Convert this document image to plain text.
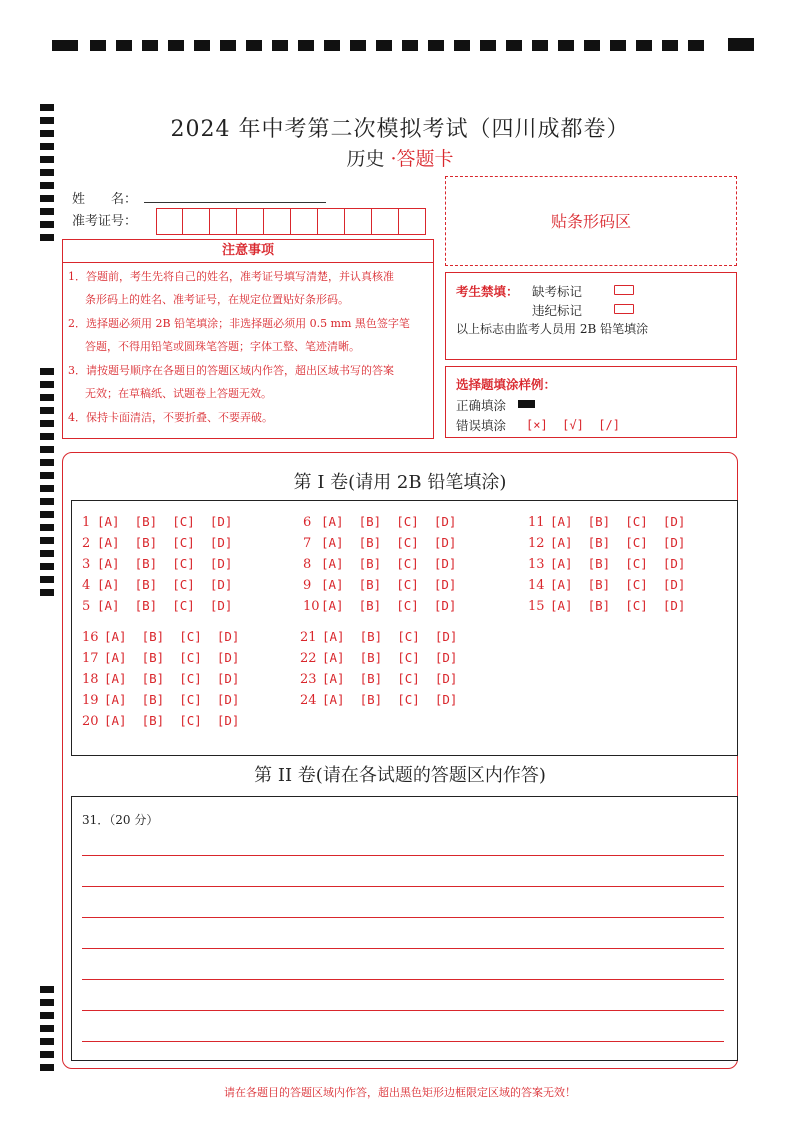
2024 年中考第二次模拟考试（四川成都卷）
历史 ·答题卡
姓　　名：
准考证号：	贴条形码区
注意事项
1．答题前，考生先将自己的姓名，准考证号填写清楚，并认真核准
条形码上的姓名、准考证号，在规定位置贴好条形码。
2．选择题必须用 2B 铅笔填涂；非选择题必须用 0.5 mm 黑色签字笔
答题，不得用铅笔或圆珠笔答题；字体工整、笔迹清晰。
3．请按题号顺序在各题目的答题区域内作答，超出区域书写的答案
无效；在草稿纸、试题卷上答题无效。
4．保持卡面清洁，不要折叠、不要弄破。
考生禁填： 缺考标记
违纪标记
以上标志由监考人员用 2B 铅笔填涂
选择题填涂样例：
正确填涂
错误填涂 [×]  [√]  [/]
第 I 卷(请用 2B 铅笔填涂)
1 [A]  [B]  [C]  [D]
2 [A]  [B]  [C]  [D]
3 [A]  [B]  [C]  [D]
4 [A]  [B]  [C]  [D]
5 [A]  [B]  [C]  [D]
6 [A]  [B]  [C]  [D]
7 [A]  [B]  [C]  [D]
8 [A]  [B]  [C]  [D]
9 [A]  [B]  [C]  [D]
10[A]  [B]  [C]  [D]
11 [A]  [B]  [C]  [D]
12 [A]  [B]  [C]  [D]
13 [A]  [B]  [C]  [D]
14 [A]  [B]  [C]  [D]
15 [A]  [B]  [C]  [D]
16 [A]  [B]  [C]  [D]
17 [A]  [B]  [C]  [D]
18 [A]  [B]  [C]  [D]
19 [A]  [B]  [C]  [D]
20 [A]  [B]  [C]  [D]
21 [A]  [B]  [C]  [D]
22 [A]  [B]  [C]  [D]
23 [A]  [B]  [C]  [D]
24 [A]  [B]  [C]  [D]
第 II 卷(请在各试题的答题区内作答)
31．（20 分）
请在各题目的答题区域内作答，超出黑色矩形边框限定区域的答案无效！
